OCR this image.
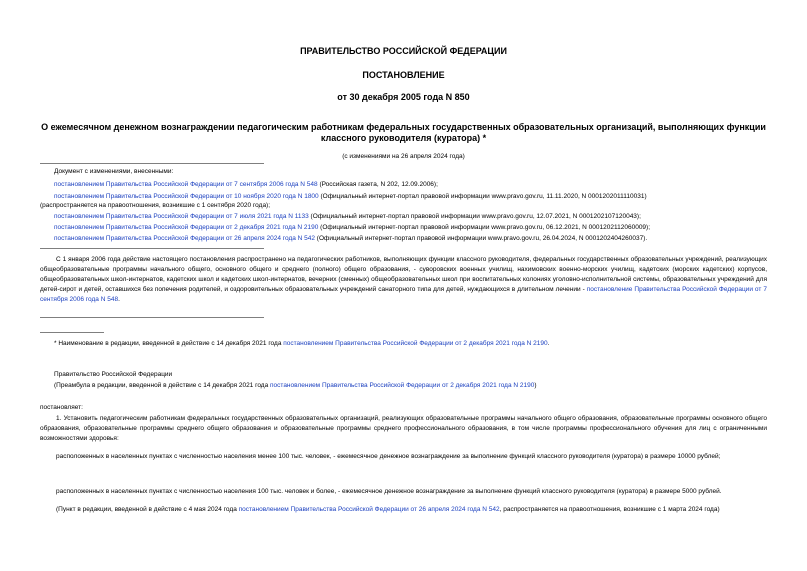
ПРАВИТЕЛЬСТВО РОССИЙСКОЙ ФЕДЕРАЦИИ
ПОСТАНОВЛЕНИЕ
от 30 декабря 2005 года N 850
О ежемесячном денежном вознаграждении педагогическим работникам федеральных государственных образовательных организаций, выполняющих функции классного руководителя (куратора) *
(с изменениями на 26 апреля 2024 года)
Документ с изменениями, внесенными:
постановлением Правительства Российской Федерации от 7 сентября 2006 года N 548 (Российская газета, N 202, 12.09.2006);
постановлением Правительства Российской Федерации от 10 ноября 2020 года N 1800 (Официальный интернет-портал правовой информации www.pravo.gov.ru, 11.11.2020, N 0001202011110031)
(распространяется на правоотношения, возникшие с 1 сентября 2020 года);
постановлением Правительства Российской Федерации от 7 июля 2021 года N 1133 (Официальный интернет-портал правовой информации www.pravo.gov.ru, 12.07.2021, N 0001202107120043);
постановлением Правительства Российской Федерации от 2 декабря 2021 года N 2190 (Официальный интернет-портал правовой информации www.pravo.gov.ru, 06.12.2021, N 0001202112060009);
постановлением Правительства Российской Федерации от 26 апреля 2024 года N 542 (Официальный интернет-портал правовой информации www.pravo.gov.ru, 26.04.2024, N 0001202404260037).
С 1 января 2006 года действие настоящего постановления распространено на педагогических работников, выполняющих функции классного руководителя, федеральных государственных образовательных учреждений, реализующих общеобразовательные программы начального общего, основного общего и среднего (полного) общего образования, - суворовских военных училищ, нахимовских военно-морских училищ, кадетских (морских кадетских) корпусов, общеобразовательных школ-интернатов, кадетских школ и кадетских школ-интернатов, вечерних (сменных) общеобразовательных школ при воспитательных колониях уголовно-исполнительной системы, образовательных учреждений для детей-сирот и детей, оставшихся без попечения родителей, и оздоровительных образовательных учреждений санаторного типа для детей, нуждающихся в длительном лечении - постановление Правительства Российской Федерации от 7 сентября 2006 года N 548.
* Наименование в редакции, введенной в действие с 14 декабря 2021 года постановлением Правительства Российской Федерации от 2 декабря 2021 года N 2190.
Правительство Российской Федерации
(Преамбула в редакции, введенной в действие с 14 декабря 2021 года постановлением Правительства Российской Федерации от 2 декабря 2021 года N 2190)
постановляет:
1. Установить педагогическим работникам федеральных государственных образовательных организаций, реализующих образовательные программы начального общего образования, образовательные программы основного общего образования, образовательные программы среднего общего образования и образовательные программы среднего профессионального образования, в том числе программы профессионального обучения для лиц с ограниченными возможностями здоровья:
расположенных в населенных пунктах с численностью населения менее 100 тыс. человек, - ежемесячное денежное вознаграждение за выполнение функций классного руководителя (куратора) в размере 10000 рублей;
расположенных в населенных пунктах с численностью населения 100 тыс. человек и более, - ежемесячное денежное вознаграждение за выполнение функций классного руководителя (куратора) в размере 5000 рублей.
(Пункт в редакции, введенной в действие с 4 мая 2024 года постановлением Правительства Российской Федерации от 26 апреля 2024 года N 542, распространяется на правоотношения, возникшие с 1 марта 2024 года)
